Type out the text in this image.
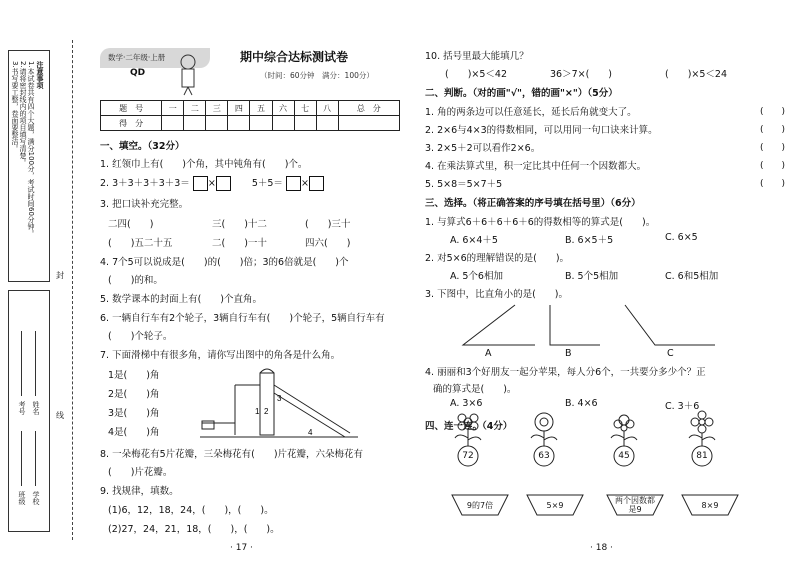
注意事项
1.本试卷共有四个大题，满分100分，考试时间60分钟。
2.请将密封线内的项目填写清楚。
3.书写要工整，卷面要整洁。
学校
班级
姓名
考号
封
线
数学·二年级·上册
QD
期中综合达标测试卷
（时间：60分钟　满分：100分）
题　号	一	二	三	四	五	六	七	八	总　分
得　分									
一、填空。（32分）
1. 红领巾上有(　　)个角，其中钝角有(　　)个。
2. 3＋3＋3＋3＋3＝ ×	5＋5＝ ×
3. 把口诀补充完整。
二四(　　)	三(　　)十二	(　　)三十
(　　)五二十五	二(　　)一十	四六(　　)
4. 7个5可以说成是(　　)的(　　)倍；3的6倍就是(　　)个
(　　)的和。
5. 数学课本的封面上有(　　)个直角。
6. 一辆自行车有2个轮子，3辆自行车有(　　)个轮子，5辆自行车有
(　　)个轮子。
7. 下面滑梯中有很多角，请你写出图中的角各是什么角。
1是(　　)角
2是(　　)角
3是(　　)角
4是(　　)角
1 2
3
4
8. 一朵梅花有5片花瓣，三朵梅花有(　　)片花瓣，六朵梅花有
(　　)片花瓣。
9. 找规律，填数。
(1)6，12，18，24，(　　)，(　　)。
(2)27，24，21，18，(　　)，(　　)。
· 17 ·
10. 括号里最大能填几？
(　　)×5＜42	36＞7×(　　)	(　　)×5＜24
二、判断。（对的画"√"，错的画"×"）（5分）
1. 角的两条边可以任意延长，延长后角就变大了。	(　　)
2. 2×6与4×3的得数相同，可以用同一句口诀来计算。	(　　)
3. 2×5＋2可以看作2×6。	(　　)
4. 在乘法算式里，积一定比其中任何一个因数都大。	(　　)
5. 5×8＝5×7＋5	(　　)
三、选择。（将正确答案的序号填在括号里）（6分）
1. 与算式6＋6＋6＋6＋6的得数相等的算式是(　　)。
A. 6×4＋5	B. 6×5＋5	C. 6×5
2. 对5×6的理解错误的是(　　)。
A. 5个6相加	B. 5个5相加	C. 6和5相加
3. 下图中，比直角小的是(　　)。
A	B	C
4. 丽丽和3个好朋友一起分苹果，每人分6个，一共要分多少个？正
确的算式是(　　)。
A. 3×6	B. 4×6	C. 3＋6
四、连一连。（4分）
72	63	45	81
9的7倍	5×9
两个因数都是9	8×9
· 18 ·
